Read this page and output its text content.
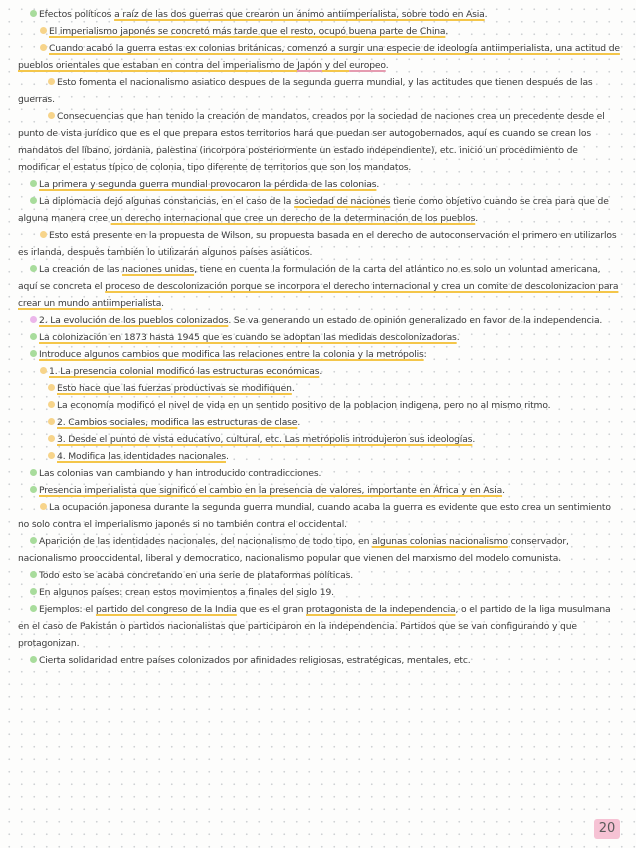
Efectos políticos a raíz de las dos guerras que crearon un ánimo antiimperialista, sobre todo en Asia.

El imperialismo japonés se concretó más tarde que el resto, ocupó buena parte de China.

Cuando acabó la guerra estas ex colonias británicas, comenzó a surgir una especie de ideología antiimperialista, una actitud de pueblos orientales que estaban en contra del imperialismo de Japón y del europeo.

Esto fomenta el nacionalismo asiatico despues de la segunda guerra mundial, y las actitudes que tienen después de las guerras.

Consecuencias que han tenido la creación de mandatos, creados por la sociedad de naciones crea un precedente desde el punto de vista jurídico que es el que prepara estos territorios hará que puedan ser autogobernados, aquí es cuando se crean los mandatos del líbano, jordania, palestina (incorpora posteriormente un estado independiente), etc. inició un procedimiento de modificar el estatus típico de colonia, tipo diferente de territorios que son los mandatos.

La primera y segunda guerra mundial provocaron la pérdida de las colonias.

La diplomacia dejó algunas constancias, en el caso de la sociedad de naciones tiene como objetivo cuando se crea para que de alguna manera cree un derecho internacional que cree un derecho de la determinación de los pueblos.

Esto está presente en la propuesta de Wilson, su propuesta basada en el derecho de autoconservación el primero en utilizarlos es irlanda, después también lo utilizarán algunos países asiáticos.

La creación de las naciones unidas, tiene en cuenta la formulación de la carta del atlántico no es solo un voluntad americana, aquí se concreta el proceso de descolonización porque se incorpora el derecho internacional y crea un comite de descolonizacion para crear un mundo antiimperialista.

2. La evolución de los pueblos colonizados. Se va generando un estado de opinión generalizado en favor de la independencia.

La colonización en 1873 hasta 1945 que es cuando se adoptan las medidas descolonizadoras.

Introduce algunos cambios que modifica las relaciones entre la colonia y la metrópolis:

1. La presencia colonial modificó las estructuras económicas.

Esto hace que las fuerzas productivas se modifiquen.

La economía modificó el nivel de vida en un sentido positivo de la poblacion indigena, pero no al mismo ritmo.

2. Cambios sociales, modifica las estructuras de clase.

3. Desde el punto de vista educativo, cultural, etc. Las metrópolis introdujeron sus ideologías.

4. Modifica las identidades nacionales.

Las colonias van cambiando y han introducido contradicciones.

Presencia imperialista que significó el cambio en la presencia de valores, importante en África y en Asia.

La ocupación japonesa durante la segunda guerra mundial, cuando acaba la guerra es evidente que esto crea un sentimiento no solo contra el imperialismo japonés si no también contra el occidental.

Aparición de las identidades nacionales, del nacionalismo de todo tipo, en algunas colonias nacionalismo conservador, nacionalismo prooccidental, liberal y democratico, nacionalismo popular que vienen del marxismo del modelo comunista.

Todo esto se acaba concretando en una serie de plataformas políticas.

En algunos países: crean estos movimientos a finales del siglo 19.

Ejemplos: el partido del congreso de la India que es el gran protagonista de la independencia, o el partido de la liga musulmana en el caso de Pakistán o partidos nacionalistas que participaron en la independencia. Partidos que se van configurando y que protagonizan.

Cierta solidaridad entre países colonizados por afinidades religiosas, estratégicas, mentales, etc.

20
